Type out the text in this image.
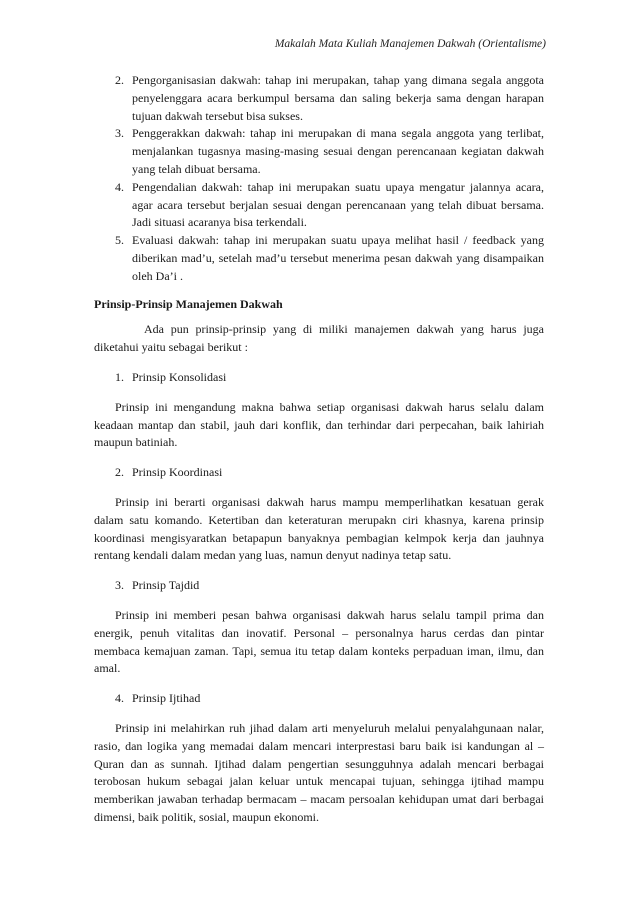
Makalah Mata Kuliah Manajemen Dakwah (Orientalisme)
2. Pengorganisasian dakwah: tahap ini merupakan, tahap yang dimana segala anggota penyelenggara acara berkumpul bersama dan saling bekerja sama dengan harapan tujuan dakwah tersebut bisa sukses.
3. Penggerakkan dakwah: tahap ini merupakan di mana segala anggota yang terlibat, menjalankan tugasnya masing-masing sesuai dengan perencanaan kegiatan dakwah yang telah dibuat bersama.
4. Pengendalian dakwah: tahap ini merupakan suatu upaya mengatur jalannya acara, agar acara tersebut berjalan sesuai dengan perencanaan yang telah dibuat bersama. Jadi situasi acaranya bisa terkendali.
5. Evaluasi dakwah: tahap ini merupakan suatu upaya melihat hasil / feedback yang diberikan mad’u, setelah mad’u tersebut menerima pesan dakwah yang disampaikan oleh Da’i .

Prinsip-Prinsip Manajemen Dakwah

Ada pun prinsip-prinsip yang di miliki manajemen dakwah yang harus juga diketahui yaitu sebagai berikut :

1. Prinsip Konsolidasi

Prinsip ini mengandung makna bahwa setiap organisasi dakwah harus selalu dalam keadaan mantap dan stabil, jauh dari konflik, dan terhindar dari perpecahan, baik lahiriah maupun batiniah.

2. Prinsip Koordinasi

Prinsip ini berarti organisasi dakwah harus mampu memperlihatkan kesatuan gerak dalam satu komando. Ketertiban dan keteraturan merupakn ciri khasnya, karena prinsip koordinasi mengisyaratkan betapapun banyaknya pembagian kelmpok kerja dan jauhnya rentang kendali dalam medan yang luas, namun denyut nadinya tetap satu.

3. Prinsip Tajdid

Prinsip ini memberi pesan bahwa organisasi dakwah harus selalu tampil prima dan energik, penuh vitalitas dan inovatif. Personal – personalnya harus cerdas dan pintar membaca kemajuan zaman. Tapi, semua itu tetap dalam konteks perpaduan iman, ilmu, dan amal.

4. Prinsip Ijtihad

Prinsip ini melahirkan ruh jihad dalam arti menyeluruh melalui penyalahgunaan nalar, rasio, dan logika yang memadai dalam mencari interprestasi baru baik isi kandungan al – Quran dan as sunnah. Ijtihad dalam pengertian sesungguhnya adalah mencari berbagai terobosan hukum sebagai jalan keluar untuk mencapai tujuan, sehingga ijtihad mampu memberikan jawaban terhadap bermacam – macam persoalan kehidupan umat dari berbagai dimensi, baik politik, sosial, maupun ekonomi.
